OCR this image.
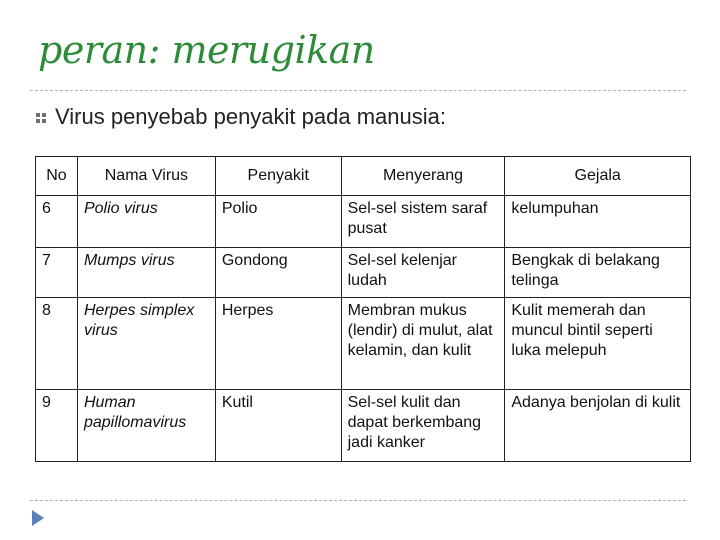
peran: merugikan
Virus penyebab penyakit pada manusia:
No	Nama Virus	Penyakit	Menyerang	Gejala
6	Polio virus	Polio	Sel-sel sistem saraf pusat	kelumpuhan
7	Mumps virus	Gondong	Sel-sel kelenjar ludah	Bengkak di belakang telinga
8	Herpes simplex virus	Herpes	Membran mukus (lendir) di mulut, alat kelamin, dan kulit	Kulit memerah dan muncul bintil seperti luka melepuh
9	Human papillomavirus	Kutil	Sel-sel kulit dan dapat berkembang jadi kanker	Adanya benjolan di kulit
